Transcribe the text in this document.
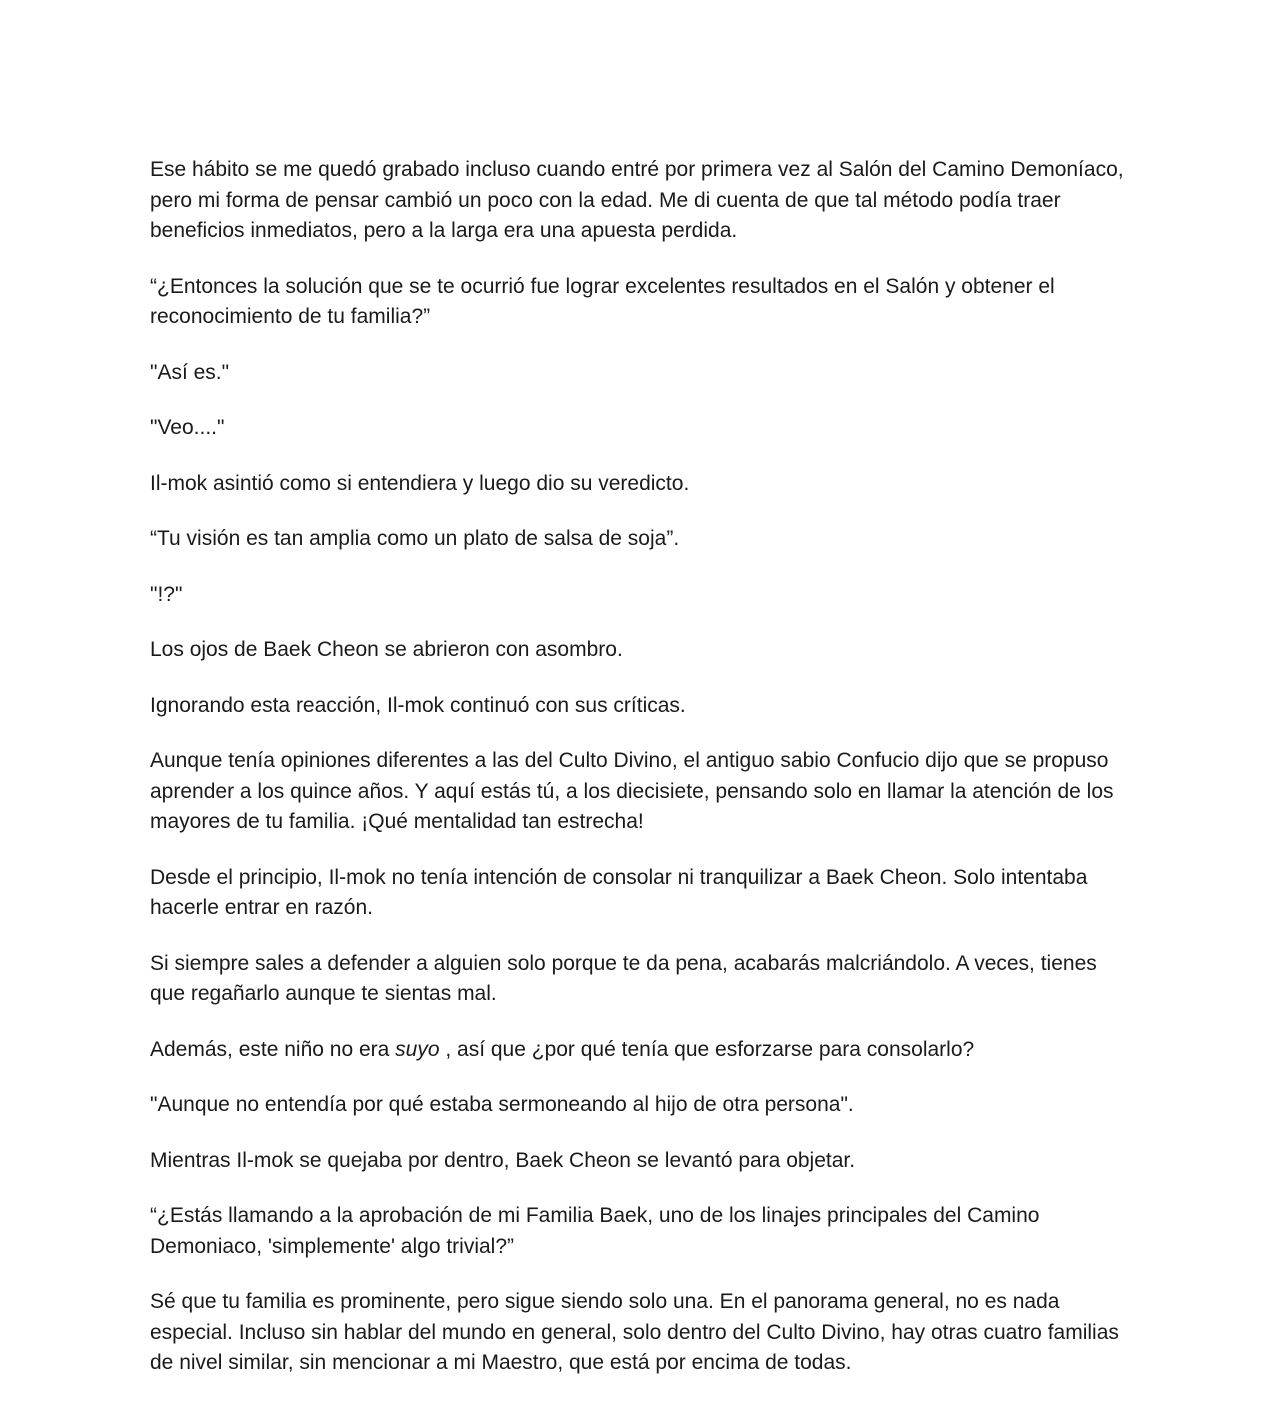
Ese hábito se me quedó grabado incluso cuando entré por primera vez al Salón del Camino Demoníaco, pero mi forma de pensar cambió un poco con la edad. Me di cuenta de que tal método podía traer beneficios inmediatos, pero a la larga era una apuesta perdida.

“¿Entonces la solución que se te ocurrió fue lograr excelentes resultados en el Salón y obtener el reconocimiento de tu familia?”

"Así es."

"Veo...."

Il-mok asintió como si entendiera y luego dio su veredicto.

“Tu visión es tan amplia como un plato de salsa de soja”.

"!?"

Los ojos de Baek Cheon se abrieron con asombro.

Ignorando esta reacción, Il-mok continuó con sus críticas.

Aunque tenía opiniones diferentes a las del Culto Divino, el antiguo sabio Confucio dijo que se propuso aprender a los quince años. Y aquí estás tú, a los diecisiete, pensando solo en llamar la atención de los mayores de tu familia. ¡Qué mentalidad tan estrecha!

Desde el principio, Il-mok no tenía intención de consolar ni tranquilizar a Baek Cheon. Solo intentaba hacerle entrar en razón.

Si siempre sales a defender a alguien solo porque te da pena, acabarás malcriándolo. A veces, tienes que regañarlo aunque te sientas mal.

Además, este niño no era suyo , así que ¿por qué tenía que esforzarse para consolarlo?

"Aunque no entendía por qué estaba sermoneando al hijo de otra persona".

Mientras Il-mok se quejaba por dentro, Baek Cheon se levantó para objetar.

“¿Estás llamando a la aprobación de mi Familia Baek, uno de los linajes principales del Camino Demoniaco, 'simplemente' algo trivial?”

Sé que tu familia es prominente, pero sigue siendo solo una. En el panorama general, no es nada especial. Incluso sin hablar del mundo en general, solo dentro del Culto Divino, hay otras cuatro familias de nivel similar, sin mencionar a mi Maestro, que está por encima de todas.
